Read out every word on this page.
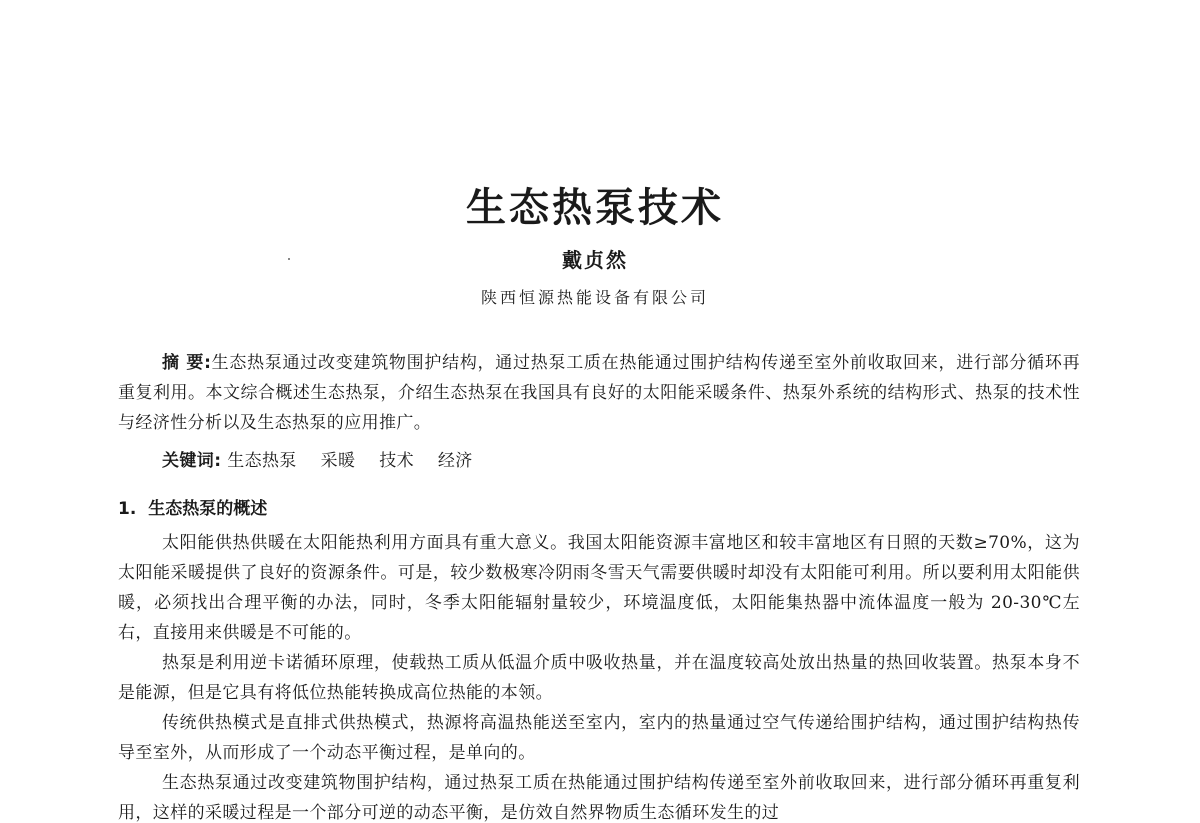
生态热泵技术
戴贞然
陕西恒源热能设备有限公司
摘 要:生态热泵通过改变建筑物围护结构，通过热泵工质在热能通过围护结构传递至室外前收取回来，进行部分循环再重复利用。本文综合概述生态热泵，介绍生态热泵在我国具有良好的太阳能采暖条件、热泵外系统的结构形式、热泵的技术性与经济性分析以及生态热泵的应用推广。
关键词: 生态热泵 采暖 技术 经济
1. 生态热泵的概述

太阳能供热供暖在太阳能热利用方面具有重大意义。我国太阳能资源丰富地区和较丰富地区有日照的天数≥70%，这为太阳能采暖提供了良好的资源条件。可是，较少数极寒冷阴雨冬雪天气需要供暖时却没有太阳能可利用。所以要利用太阳能供暖，必须找出合理平衡的办法，同时，冬季太阳能辐射量较少，环境温度低，太阳能集热器中流体温度一般为 20-30℃左右，直接用来供暖是不可能的。

热泵是利用逆卡诺循环原理，使载热工质从低温介质中吸收热量，并在温度较高处放出热量的热回收装置。热泵本身不是能源，但是它具有将低位热能转换成高位热能的本领。

传统供热模式是直排式供热模式，热源将高温热能送至室内，室内的热量通过空气传递给围护结构，通过围护结构热传导至室外，从而形成了一个动态平衡过程，是单向的。

生态热泵通过改变建筑物围护结构，通过热泵工质在热能通过围护结构传递至室外前收取回来，进行部分循环再重复利用，这样的采暖过程是一个部分可逆的动态平衡，是仿效自然界物质生态循环发生的过
